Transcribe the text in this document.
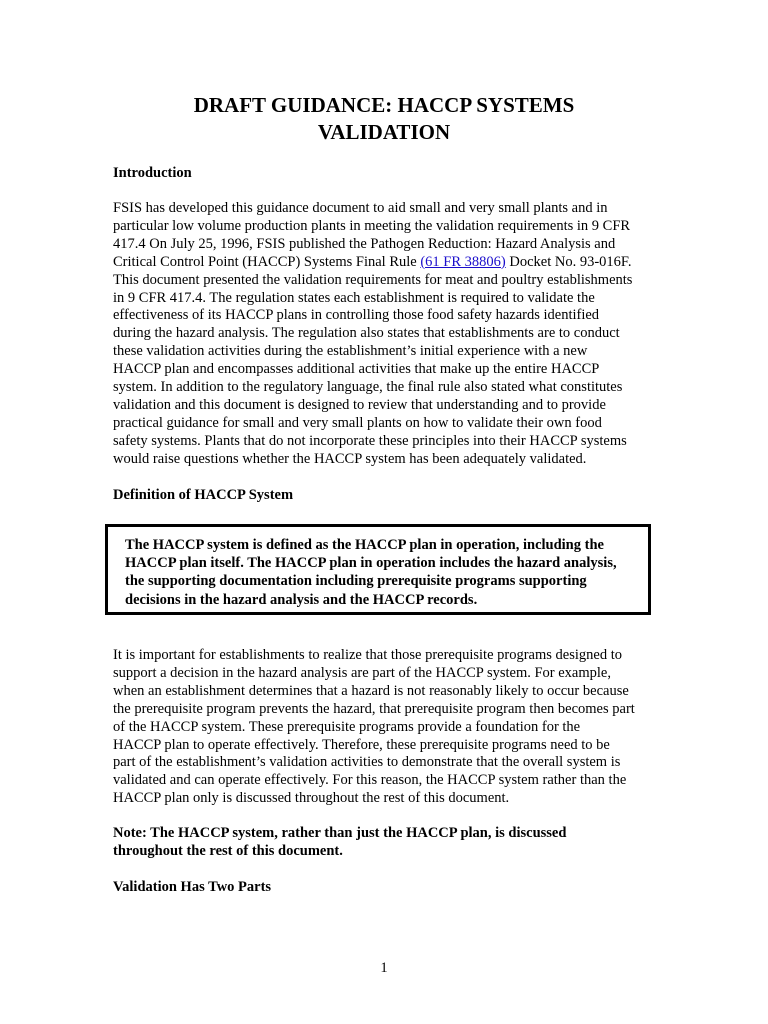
DRAFT GUIDANCE: HACCP SYSTEMS
VALIDATION
Introduction
FSIS has developed this guidance document to aid small and very small plants and in
particular low volume production plants in meeting the validation requirements in 9 CFR
417.4 On July 25, 1996, FSIS published the Pathogen Reduction: Hazard Analysis and
Critical Control Point (HACCP) Systems Final Rule (61 FR 38806) Docket No. 93-016F.
This document presented the validation requirements for meat and poultry establishments
in 9 CFR 417.4. The regulation states each establishment is required to validate the
effectiveness of its HACCP plans in controlling those food safety hazards identified
during the hazard analysis. The regulation also states that establishments are to conduct
these validation activities during the establishment’s initial experience with a new
HACCP plan and encompasses additional activities that make up the entire HACCP
system. In addition to the regulatory language, the final rule also stated what constitutes
validation and this document is designed to review that understanding and to provide
practical guidance for small and very small plants on how to validate their own food
safety systems. Plants that do not incorporate these principles into their HACCP systems
would raise questions whether the HACCP system has been adequately validated.
Definition of HACCP System

The HACCP system is defined as the HACCP plan in operation, including the
HACCP plan itself. The HACCP plan in operation includes the hazard analysis,
the supporting documentation including prerequisite programs supporting
decisions in the hazard analysis and the HACCP records.

It is important for establishments to realize that those prerequisite programs designed to
support a decision in the hazard analysis are part of the HACCP system. For example,
when an establishment determines that a hazard is not reasonably likely to occur because
the prerequisite program prevents the hazard, that prerequisite program then becomes part
of the HACCP system. These prerequisite programs provide a foundation for the
HACCP plan to operate effectively. Therefore, these prerequisite programs need to be
part of the establishment’s validation activities to demonstrate that the overall system is
validated and can operate effectively. For this reason, the HACCP system rather than the
HACCP plan only is discussed throughout the rest of this document.
Note: The HACCP system, rather than just the HACCP plan, is discussed
throughout the rest of this document.
Validation Has Two Parts
1
